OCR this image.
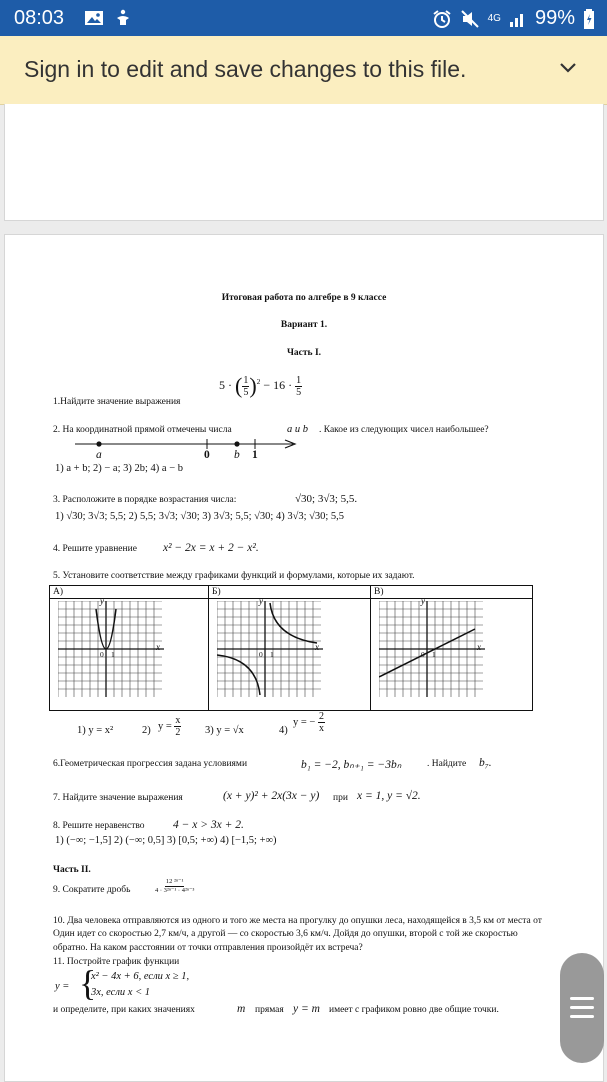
08:03	4G 99%
Sign in to edit and save changes to this file.
Итоговая работа по алгебре в 9 классе
Вариант 1.
Часть I.
1.Найдите значение выражения
5 · ( $\frac{1}{5} )^2 - 16 \cdot \frac{1}{5}$
2. На координатной прямой отмечены числа	a и b . Какое из следующих чисел наибольшее?
a	0 b 1
1) a + b; 2) − a; 3) 2b; 4) a − b
3. Расположите в порядке возрастания числа:	√30; 3√3; 5,5.
1) √30; 3√3; 5,5; 2) 5,5; 3√3; √30; 3) 3√3; 5,5; √30; 4) 3√3; √30; 5,5
4. Решите уравнение x² − 2x = x + 2 − x².
5. Установите соответствие между графиками функций и формулами, которые их задают.
A)	Б)	В)
y
x
0 1
y
x
0 1
y
x
0 1
1) y = x²	2) $y = \frac{x}{2} 3$) y = √x	4)
y = − $\frac{2}{x}$
6.Геометрическая прогрессия задана условиями	b₁ = −2, bₙ₊₁ = −3bₙ	. Найдите b₇.
7. Найдите значение выражения	(x + y)² + 2x(3x − y) при x = 1, y = √2.
8. Решите неравенство 4 − x > 3x + 2.
1) (−∞; −1,5] 2) (−∞; 0,5] 3) [0,5; +∞) 4) [−1,5; +∞)
Часть II.
9. Сократите дробь	$\frac{\text{12 ²ⁿ⁻¹}}{\text{4 · 3²ⁿ⁻¹ · 4²ⁿ⁻³}}$
10. Два человека отправляются из одного и того же места на прогулку до опушки леса, находящейся в 3,5 км от места от
Один идет со скоростью 2,7 км/ч, а другой — со скоростью 3,6 км/ч. Дойдя до опушки, второй с той же скоростью
обратно. На каком расстоянии от точки отправления произойдёт их встреча?
11. Постройте график функции
y = {
x² − 4x + 6, если x ≥ 1,
3x, если x < 1
и определите, при каких значениях	m прямая y = m имеет с графиком ровно две общие точки.
